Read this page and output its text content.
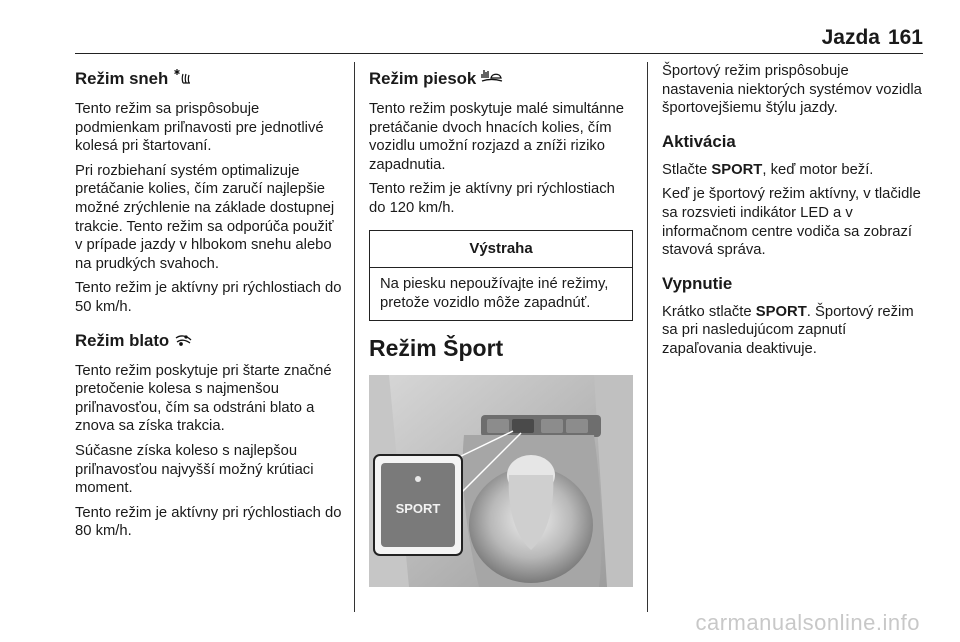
Jazda 161
Režim sneh

Tento režim sa prispôsobuje podmienkam priľnavosti pre jednotlivé kolesá pri štartovaní.

Pri rozbiehaní systém optimalizuje pretáčanie kolies, čím zaručí najlepšie možné zrýchlenie na základe dostupnej trakcie. Tento režim sa odporúča použiť v prípade jazdy v hlbokom snehu alebo na prudkých svahoch.

Tento režim je aktívny pri rýchlostiach do 50 km/h.

Režim blato

Tento režim poskytuje pri štarte značné pretočenie kolesa s najmenšou priľnavosťou, čím sa odstráni blato a znova sa získa trakcia.

Súčasne získa koleso s najlepšou priľnavosťou najvyšší možný krútiaci moment.

Tento režim je aktívny pri rýchlostiach do 80 km/h.

Režim piesok

Tento režim poskytuje malé simultánne pretáčanie dvoch hnacích kolies, čím vozidlu umožní rozjazd a zníži riziko zapadnutia.

Tento režim je aktívny pri rýchlostiach do 120 km/h.

Výstraha
Na piesku nepoužívajte iné režimy, pretože vozidlo môže zapadnúť.
Režim Šport
SPORT

Športový režim prispôsobuje nastavenia niektorých systémov vozidla športovejšiemu štýlu jazdy.

Aktivácia

Stlačte SPORT, keď motor beží.

Keď je športový režim aktívny, v tlačidle sa rozsvieti indikátor LED a v informačnom centre vodiča sa zobrazí stavová správa.

Vypnutie

Krátko stlačte SPORT. Športový režim sa pri nasledujúcom zapnutí zapaľovania deaktivuje.

carmanualsonline.info
